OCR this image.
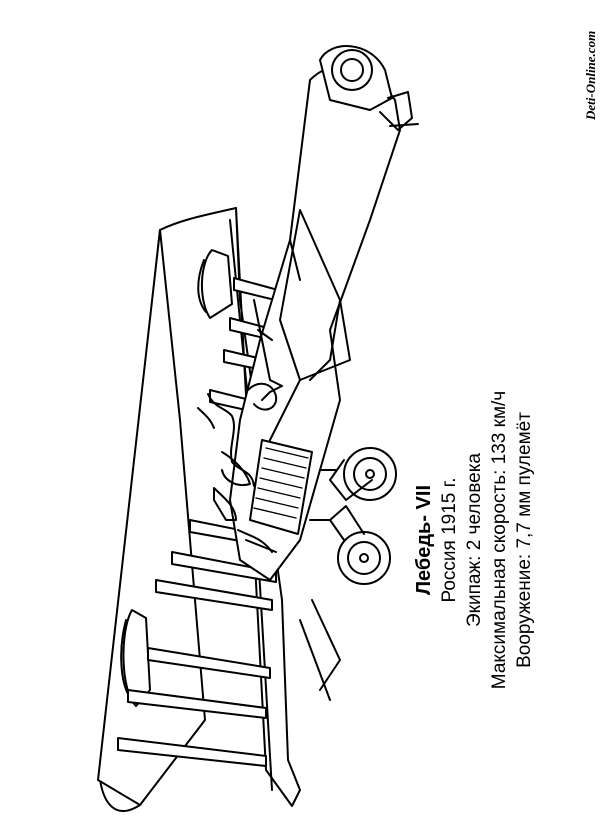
Лебедь- VII Россия 1915 г. Экипаж: 2 человека Максимальная скорость: 133 км/ч Вооружение: 7,7 мм пулемёт
Deti-Online.com
